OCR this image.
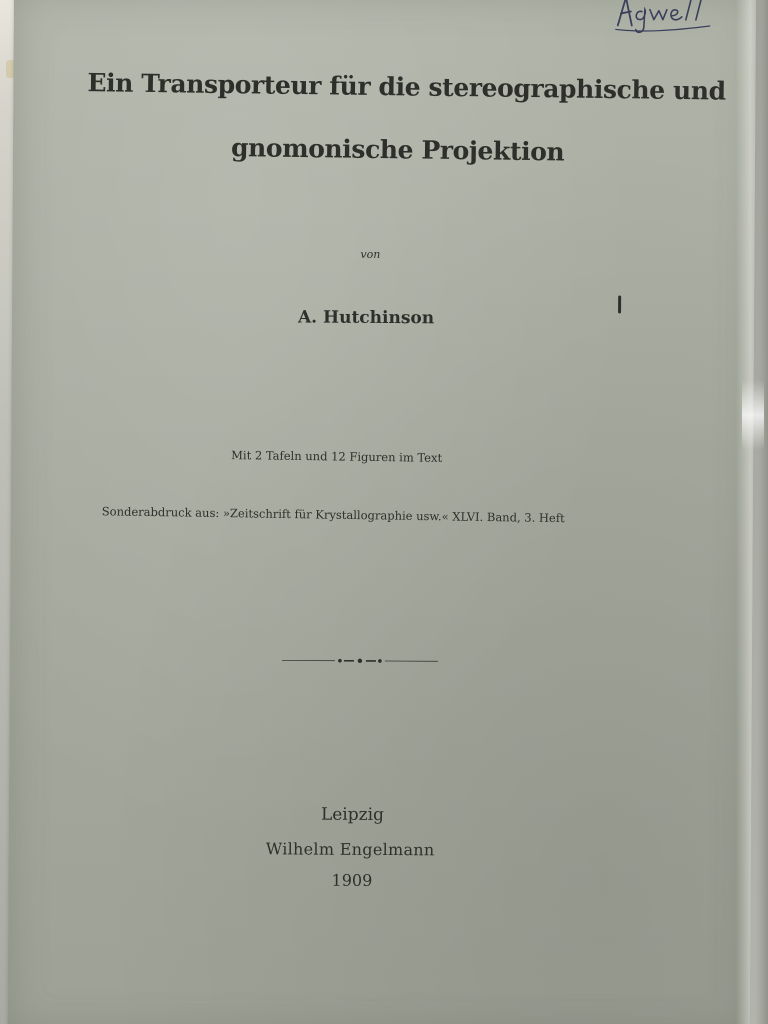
Ein Transporteur für die stereographische und

gnomonische Projektion

von

A. Hutchinson

Mit 2 Tafeln und 12 Figuren im Text

Sonderabdruck aus: »Zeitschrift für Krystallographie usw.« XLVI. Band, 3. Heft

Leipzig

Wilhelm Engelmann

1909
